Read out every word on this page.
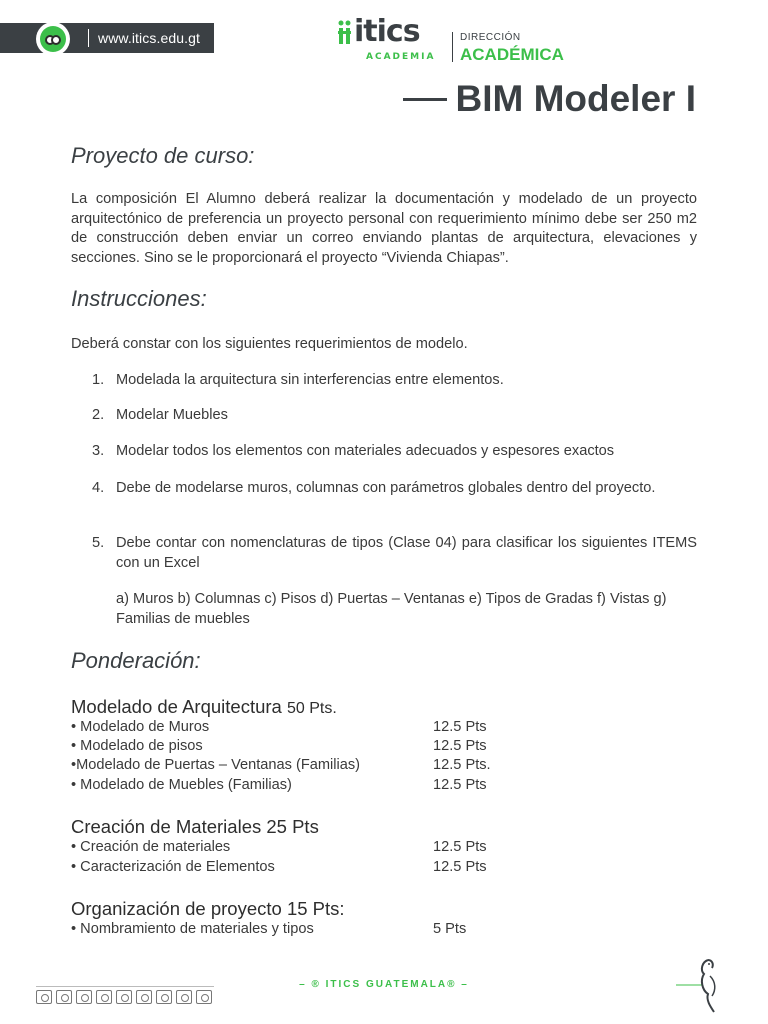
www.itics.edu.gt	itics
ACADEMIA
DIRECCIÓN
ACADÉMICA
BIM Modeler I
Proyecto de curso:
La composición El Alumno deberá realizar la documentación y modelado de un proyecto arquitectónico de preferencia un proyecto personal con requerimiento mínimo debe ser 250 m2 de construcción deben enviar un correo enviando plantas de arquitectura, elevaciones y secciones. Sino se le proporcionará el proyecto “Vivienda Chiapas”.
Instrucciones:
Deberá constar con los siguientes requerimientos de modelo.
1. Modelada la arquitectura sin interferencias entre elementos.
2. Modelar Muebles
3. Modelar todos los elementos con materiales adecuados y espesores exactos
4. Debe de modelarse muros, columnas con parámetros globales dentro del proyecto.
5. Debe contar con nomenclaturas de tipos (Clase 04) para clasificar los siguientes ITEMS con un Excel
a) Muros b) Columnas c) Pisos d) Puertas – Ventanas e) Tipos de Gradas f) Vistas g) Familias de muebles
Ponderación:
Modelado de Arquitectura 50 Pts.
• Modelado de Muros	12.5 Pts
• Modelado de pisos	12.5 Pts
•Modelado de Puertas – Ventanas (Familias)	12.5 Pts.
• Modelado de Muebles (Familias)	12.5 Pts
Creación de Materiales 25 Pts
• Creación de materiales	12.5 Pts
• Caracterización de Elementos	12.5 Pts
Organización de proyecto 15 Pts:
• Nombramiento de materiales y tipos	5 Pts
– ® ITICS GUATEMALA® –
